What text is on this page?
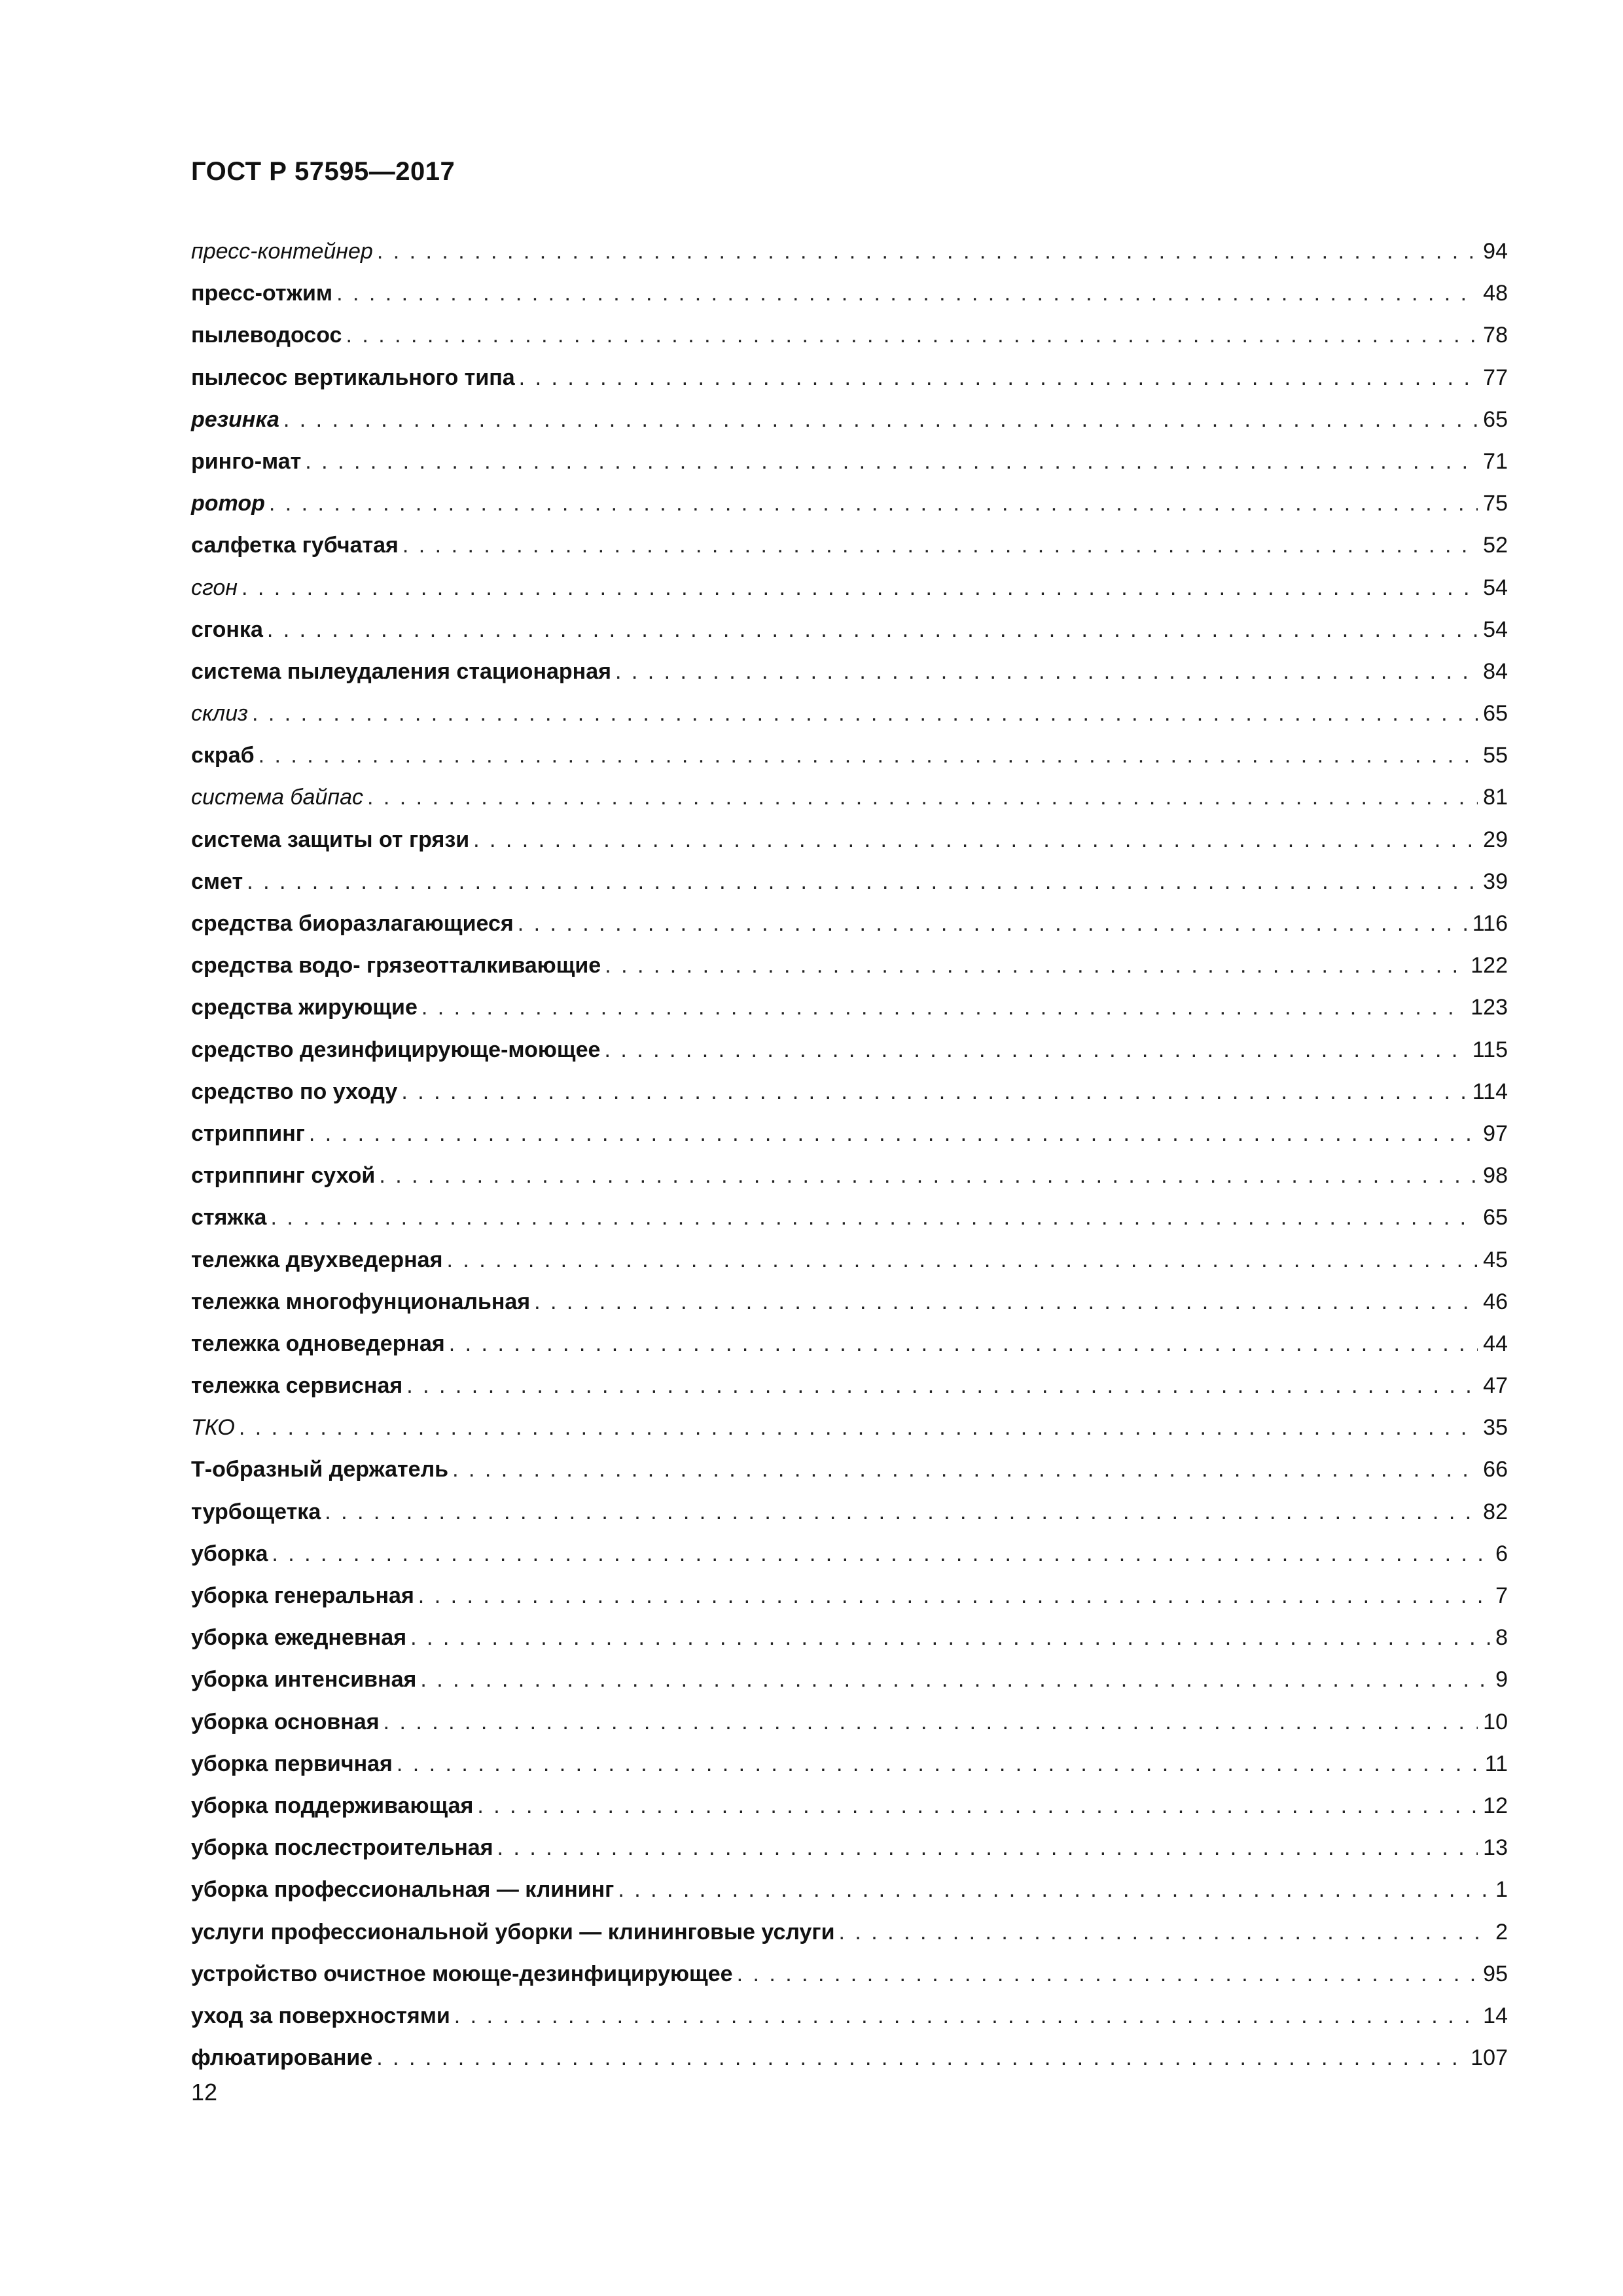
ГОСТ Р 57595—2017
пресс-контейнер . . .	94
пресс-отжим . . .	48
пылеводосос . . .	78
пылесос вертикального типа . . .	77
резинка . . .	65
ринго-мат . . .	71
ротор . . .	75
салфетка губчатая . . .	52
сгон . . .	54
сгонка . . .	54
система пылеудаления стационарная . . .	84
склиз . . .	65
скраб . . .	55
система байпас . . .	81
система защиты от грязи . . .	29
смет . . .	39
средства биоразлагающиеся . . .	116
средства водо- грязеотталкивающие . . .	122
средства жирующие . . .	123
средство дезинфицирующе-моющее . . .	115
средство по уходу . . .	114
стриппинг . . .	97
стриппинг сухой . . .	98
стяжка . . .	65
тележка двухведерная . . .	45
тележка многофунциональная . . .	46
тележка одноведерная . . .	44
тележка сервисная . . .	47
ТКО . . .	35
Т-образный держатель . . .	66
турбощетка . . .	82
уборка . . .	6
уборка генеральная . . .	7
уборка ежедневная . . .	8
уборка интенсивная . . .	9
уборка основная . . .	10
уборка первичная . . .	11
уборка поддерживающая . . .	12
уборка послестроительная . . .	13
уборка профессиональная — клининг . . .	1
услуги профессиональной уборки — клининговые услуги . . .	2
устройство очистное моюще-дезинфицирующее . . .	95
уход за поверхностями . . .	14
флюатирование . . .	107
12
